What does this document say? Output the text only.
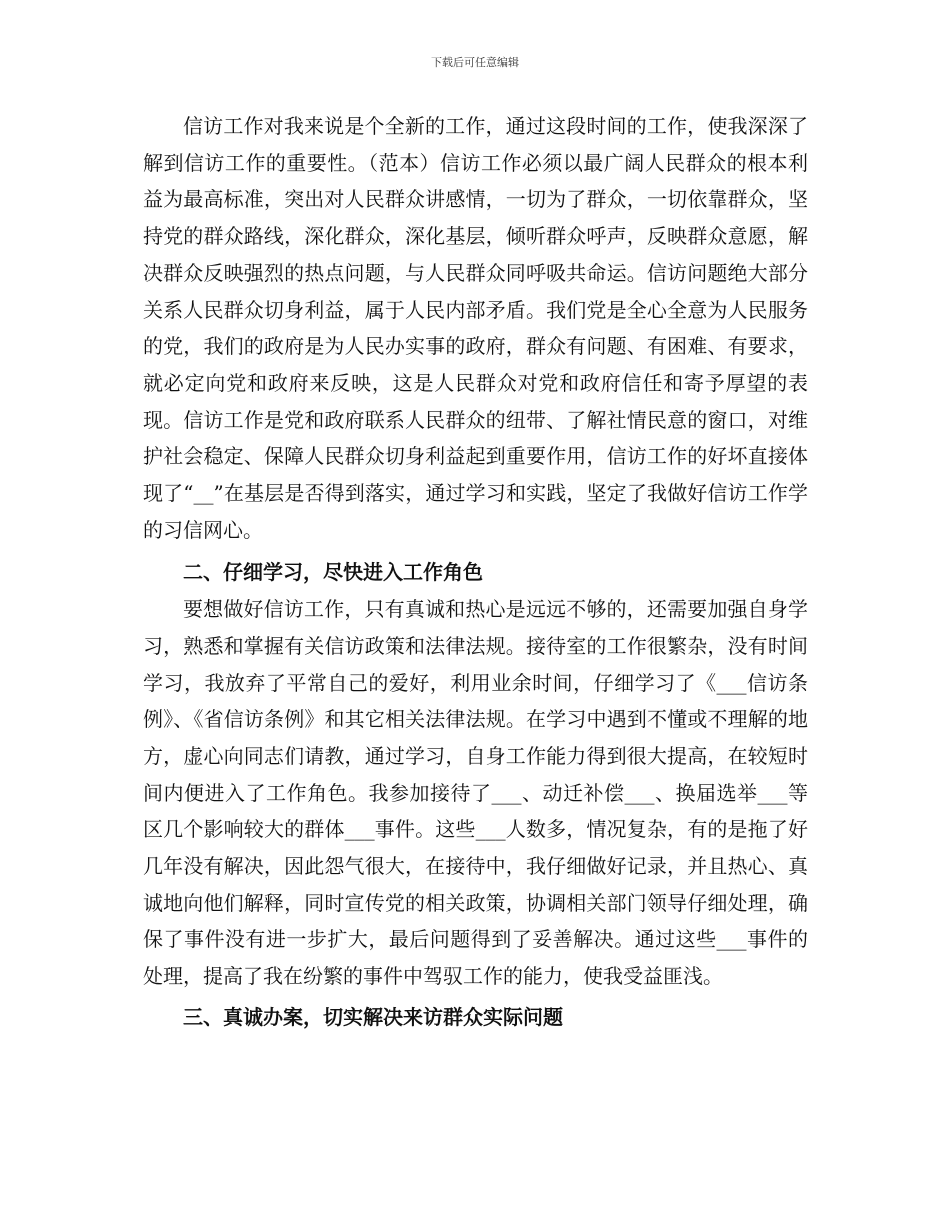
下载后可任意编辑

信访工作对我来说是个全新的工作，通过这段时间的工作，使我深深了解到信访工作的重要性。（范本）信访工作必须以最广阔人民群众的根本利益为最高标准，突出对人民群众讲感情，一切为了群众，一切依靠群众，坚持党的群众路线，深化群众，深化基层，倾听群众呼声，反映群众意愿，解决群众反映强烈的热点问题，与人民群众同呼吸共命运。信访问题绝大部分关系人民群众切身利益，属于人民内部矛盾。我们党是全心全意为人民服务的党，我们的政府是为人民办实事的政府，群众有问题、有困难、有要求，就必定向党和政府来反映，这是人民群众对党和政府信任和寄予厚望的表现。信访工作是党和政府联系人民群众的纽带、了解社情民意的窗口，对维护社会稳定、保障人民群众切身利益起到重要作用，信访工作的好坏直接体现了“__”在基层是否得到落实，通过学习和实践，坚定了我做好信访工作学的习信网心。

二、仔细学习，尽快进入工作角色

要想做好信访工作，只有真诚和热心是远远不够的，还需要加强自身学习，熟悉和掌握有关信访政策和法律法规。接待室的工作很繁杂，没有时间学习，我放弃了平常自己的爱好，利用业余时间，仔细学习了《___信访条例》、《省信访条例》和其它相关法律法规。在学习中遇到不懂或不理解的地方，虚心向同志们请教，通过学习，自身工作能力得到很大提高，在较短时间内便进入了工作角色。我参加接待了___、动迁补偿___、换届选举___等区几个影响较大的群体___事件。这些___人数多，情况复杂，有的是拖了好几年没有解决，因此怨气很大，在接待中，我仔细做好记录，并且热心、真诚地向他们解释，同时宣传党的相关政策，协调相关部门领导仔细处理，确保了事件没有进一步扩大，最后问题得到了妥善解决。通过这些___事件的处理，提高了我在纷繁的事件中驾驭工作的能力，使我受益匪浅。

三、真诚办案，切实解决来访群众实际问题
